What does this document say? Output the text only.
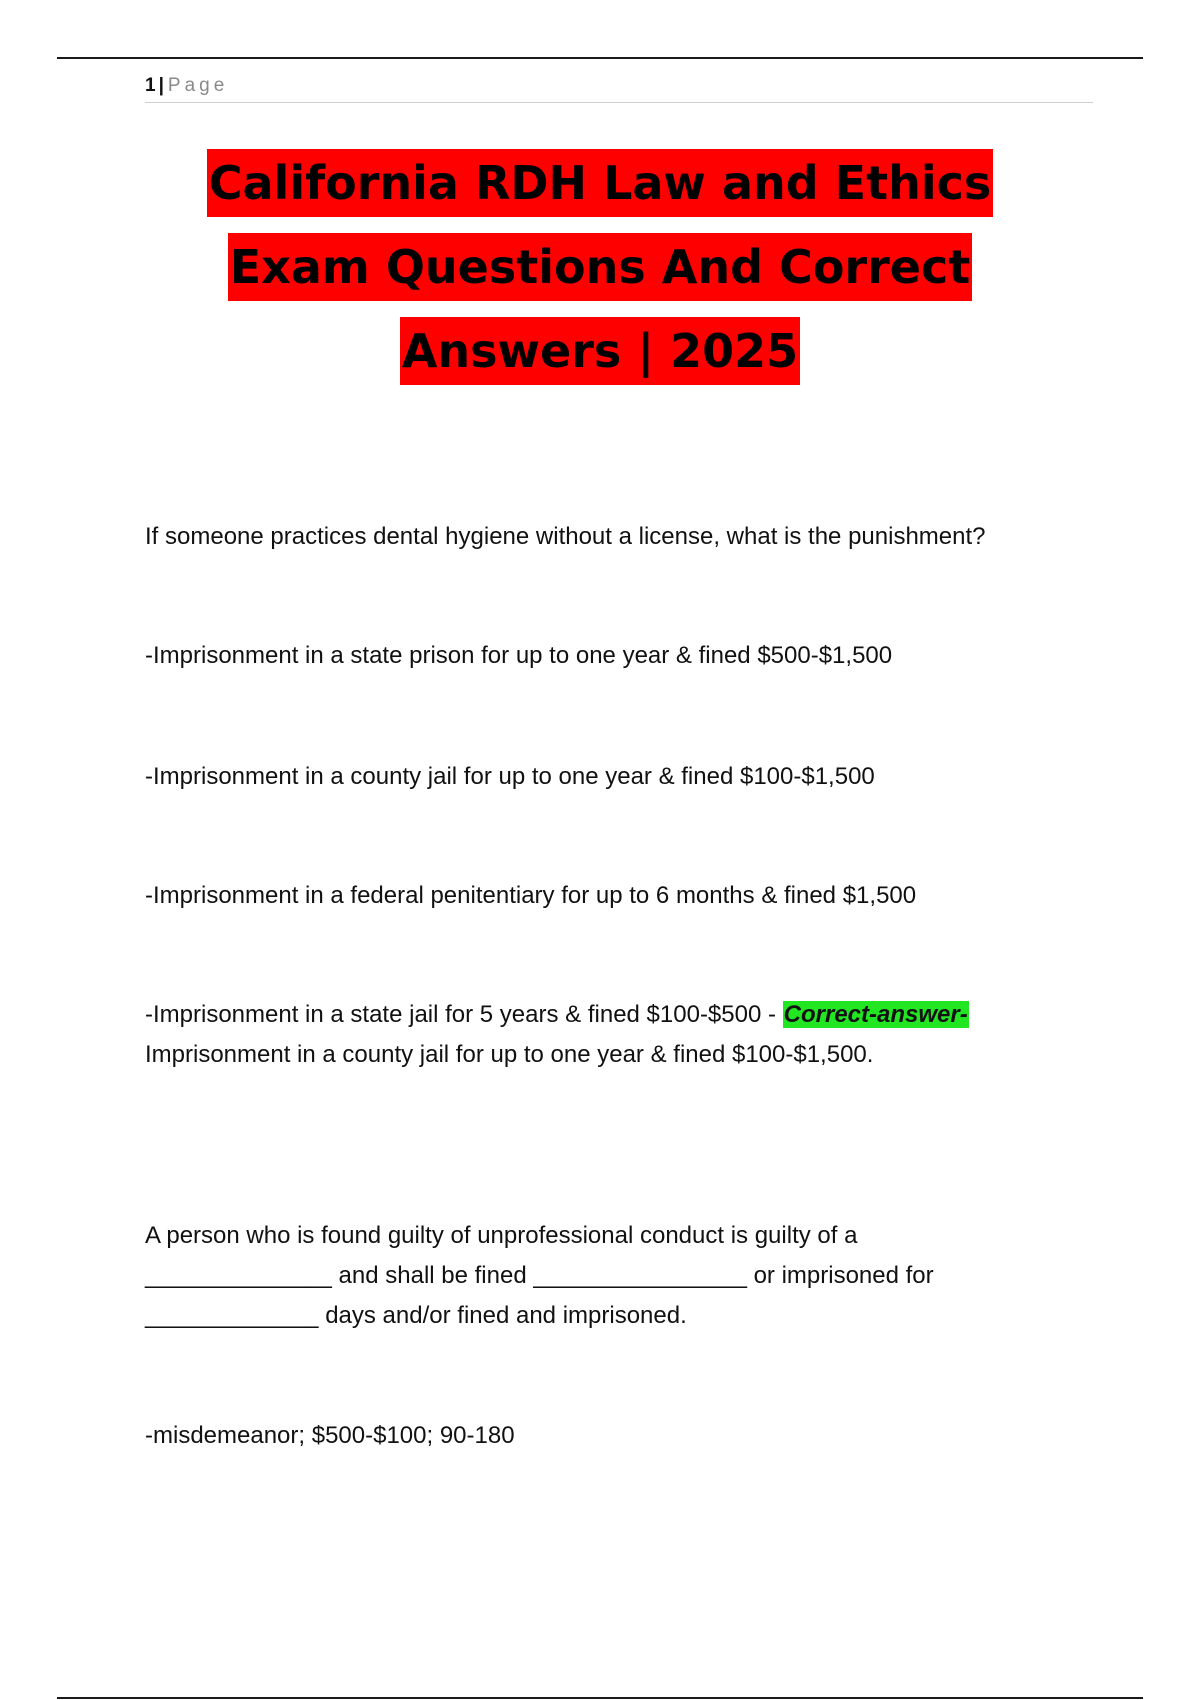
1 | Page
California RDH Law and Ethics
Exam Questions And Correct
Answers | 2025

If someone practices dental hygiene without a license, what is the punishment?

-Imprisonment in a state prison for up to one year & fined $500-$1,500

-Imprisonment in a county jail for up to one year & fined $100-$1,500

-Imprisonment in a federal penitentiary for up to 6 months & fined $1,500

-Imprisonment in a state jail for 5 years & fined $100-$500 - Correct-answer-
Imprisonment in a county jail for up to one year & fined $100-$1,500.

A person who is found guilty of unprofessional conduct is guilty of a
______________ and shall be fined ________________ or imprisoned for
_____________ days and/or fined and imprisoned.

-misdemeanor; $500-$100; 90-180
